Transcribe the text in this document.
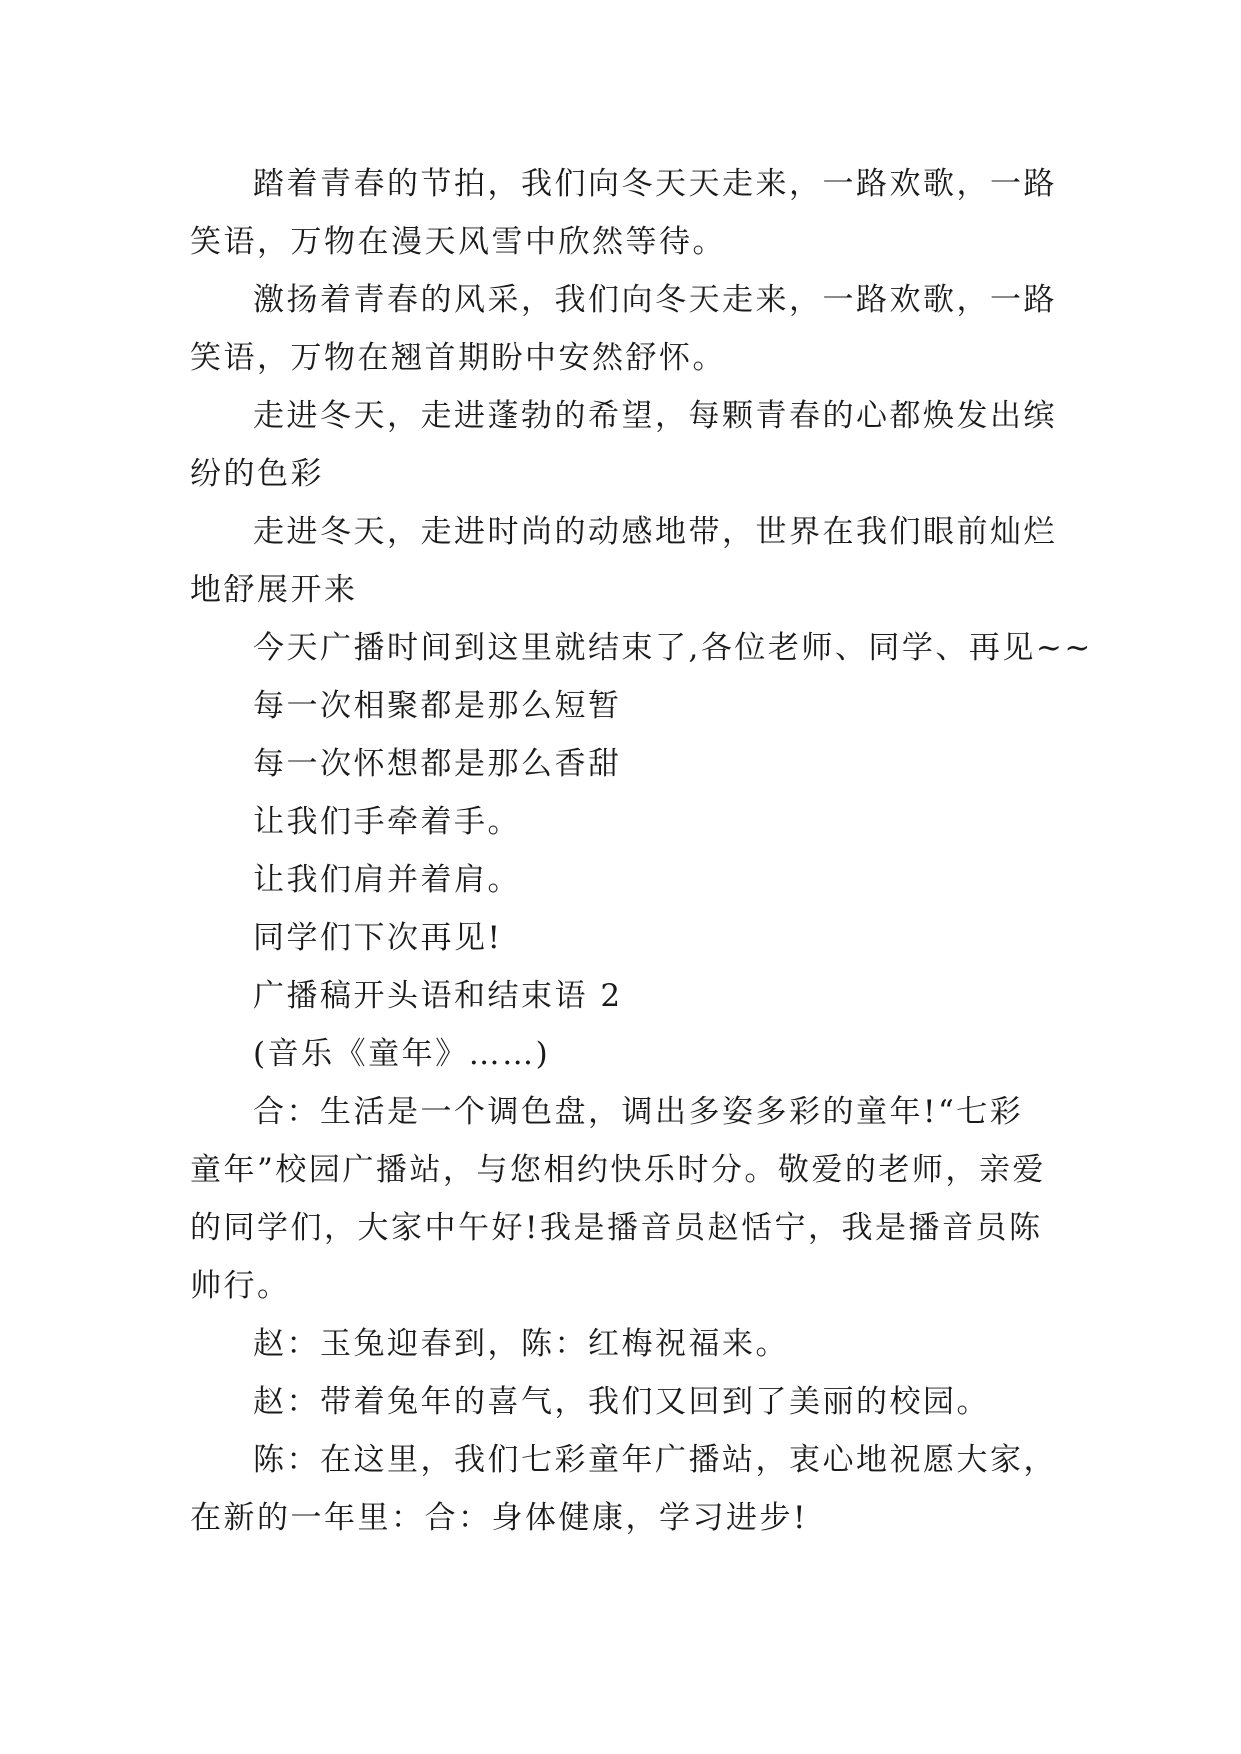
踏着青春的节拍，我们向冬天天走来，一路欢歌，一路
笑语，万物在漫天风雪中欣然等待。
激扬着青春的风采，我们向冬天走来，一路欢歌，一路
笑语，万物在翘首期盼中安然舒怀。
走进冬天，走进蓬勃的希望，每颗青春的心都焕发出缤
纷的色彩
走进冬天，走进时尚的动感地带，世界在我们眼前灿烂
地舒展开来
今天广播时间到这里就结束了,各位老师、同学、再见~~
每一次相聚都是那么短暂
每一次怀想都是那么香甜
让我们手牵着手。
让我们肩并着肩。
同学们下次再见!
广播稿开头语和结束语 2
(音乐《童年》……)
合：生活是一个调色盘，调出多姿多彩的童年!“七彩
童年”校园广播站，与您相约快乐时分。敬爱的老师，亲爱
的同学们，大家中午好!我是播音员赵恬宁，我是播音员陈
帅行。
赵：玉兔迎春到，陈：红梅祝福来。
赵：带着兔年的喜气，我们又回到了美丽的校园。
陈：在这里，我们七彩童年广播站，衷心地祝愿大家，
在新的一年里：合：身体健康，学习进步!
